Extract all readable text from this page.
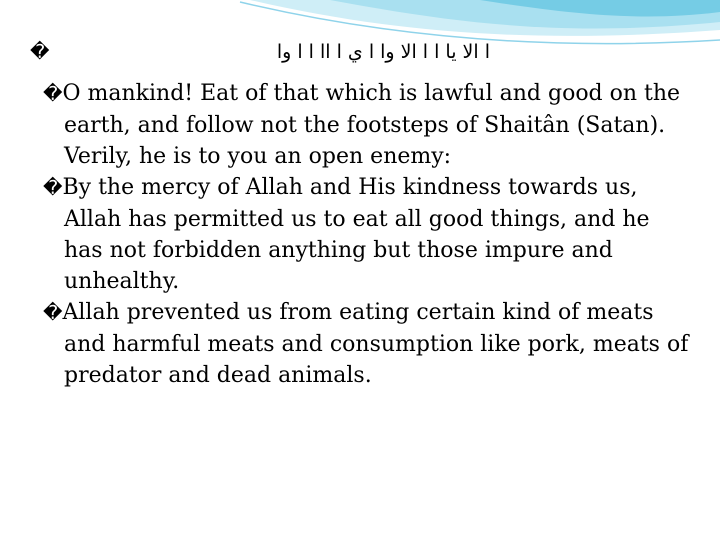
�	ا الا يا ا ا الا وا ا ي ا اا ا ا وا

�O mankind! Eat of that which is lawful and good on the earth, and follow not the footsteps of Shaitân (Satan). Verily, he is to you an open enemy:

�By the mercy of Allah and His kindness towards us, Allah has permitted us to eat all good things, and he has not forbidden anything but those impure and unhealthy.

�Allah prevented us from eating certain kind of meats and harmful meats and consumption like pork, meats of predator and dead animals.
